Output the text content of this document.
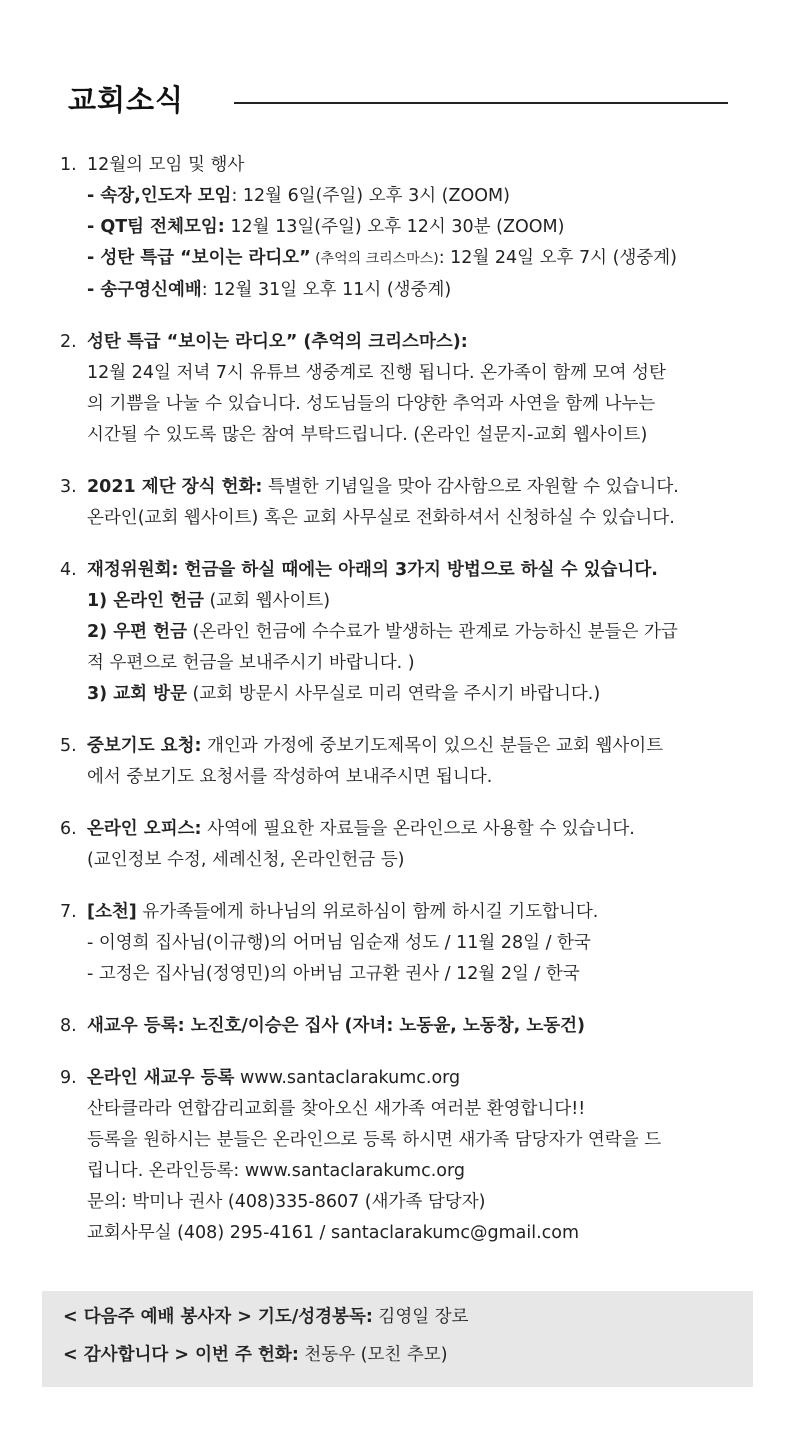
교회소식
1. 12월의 모임 및 행사
- 속장,인도자 모임: 12월 6일(주일) 오후 3시 (ZOOM)
- QT팀 전체모임: 12월 13일(주일) 오후 12시 30분 (ZOOM)
- 성탄 특급 “보이는 라디오” (추억의 크리스마스): 12월 24일 오후 7시 (생중계)
- 송구영신예배: 12월 31일 오후 11시 (생중계)
2. 성탄 특급 “보이는 라디오” (추억의 크리스마스):
12월 24일 저녁 7시 유튜브 생중계로 진행 됩니다. 온가족이 함께 모여 성탄
의 기쁨을 나눌 수 있습니다. 성도님들의 다양한 추억과 사연을 함께 나누는
시간될 수 있도록 많은 참여 부탁드립니다. (온라인 설문지-교회 웹사이트)
3. 2021 제단 장식 헌화: 특별한 기념일을 맞아 감사함으로 자원할 수 있습니다.
온라인(교회 웹사이트) 혹은 교회 사무실로 전화하셔서 신청하실 수 있습니다.
4. 재정위원회: 헌금을 하실 때에는 아래의 3가지 방법으로 하실 수 있습니다.
1) 온라인 헌금 (교회 웹사이트)
2) 우편 헌금 (온라인 헌금에 수수료가 발생하는 관계로 가능하신 분들은 가급
적 우편으로 헌금을 보내주시기 바랍니다. )
3) 교회 방문 (교회 방문시 사무실로 미리 연락을 주시기 바랍니다.)
5. 중보기도 요청: 개인과 가정에 중보기도제목이 있으신 분들은 교회 웹사이트
에서 중보기도 요청서를 작성하여 보내주시면 됩니다.
6. 온라인 오피스: 사역에 필요한 자료들을 온라인으로 사용할 수 있습니다.
(교인정보 수정, 세례신청, 온라인헌금 등)
7. [소천] 유가족들에게 하나님의 위로하심이 함께 하시길 기도합니다.
- 이영희 집사님(이규행)의 어머님 임순재 성도 / 11월 28일 / 한국
- 고정은 집사님(정영민)의 아버님 고규환 권사 / 12월 2일 / 한국
8. 새교우 등록: 노진호/이승은 집사 (자녀: 노동윤, 노동창, 노동건)
9. 온라인 새교우 등록 www.santaclarakumc.org
산타클라라 연합감리교회를 찾아오신 새가족 여러분 환영합니다!!
등록을 원하시는 분들은 온라인으로 등록 하시면 새가족 담당자가 연락을 드
립니다. 온라인등록: www.santaclarakumc.org
문의: 박미나 권사 (408)335-8607 (새가족 담당자)
교회사무실 (408) 295-4161 / santaclarakumc@gmail.com
< 다음주 예배 봉사자 > 기도/성경봉독: 김영일 장로
< 감사합니다 > 이번 주 헌화: 천동우 (모친 추모)
